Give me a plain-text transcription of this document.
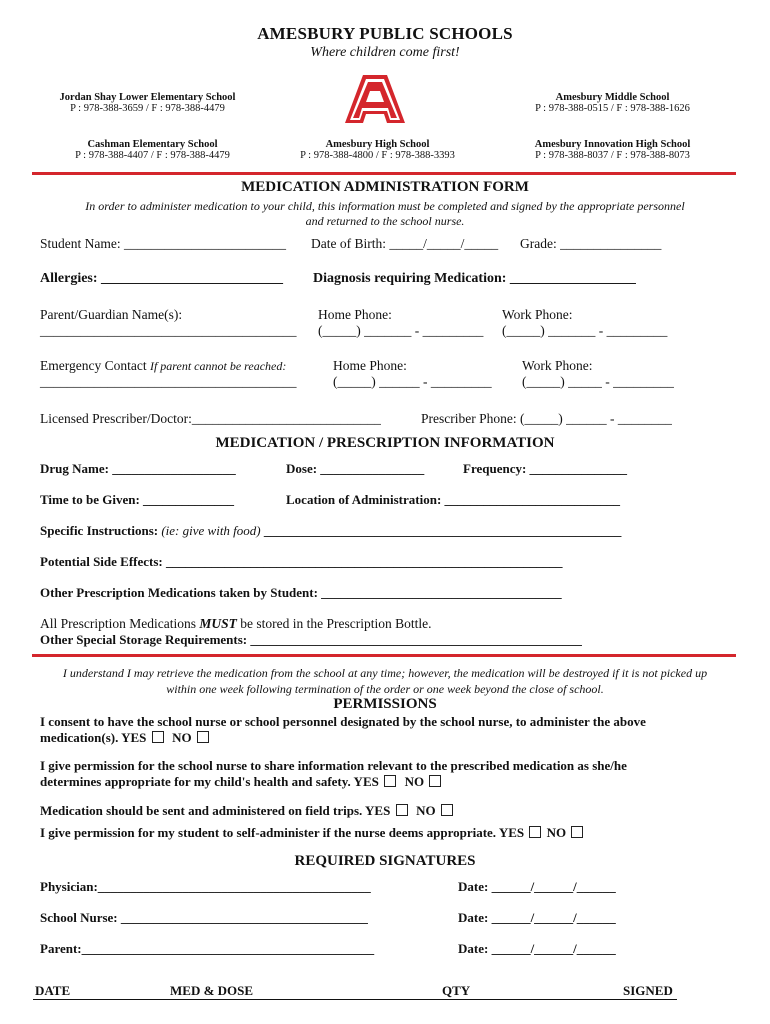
AMESBURY PUBLIC SCHOOLS
Where children come first!
Jordan Shay Lower Elementary School
P : 978-388-3659 / F : 978-388-4479
Amesbury Middle School
P : 978-388-0515 / F : 978-388-1626
A
Cashman Elementary School
P : 978-388-4407 / F : 978-388-4479
Amesbury High School
P : 978-388-4800 / F : 978-388-3393
Amesbury Innovation High School
P : 978-388-8037 / F : 978-388-8073
MEDICATION ADMINISTRATION FORM
In order to administer medication to your child, this information must be completed and signed by the appropriate personnel
and returned to the school nurse.
Student Name: ________________________ Date of Birth: _____/_____/_____ Grade: _______________
Allergies: __________________________ Diagnosis requiring Medication: __________________
Parent/Guardian Name(s):
______________________________________
Home Phone:
(_____) _______ - _________
Work Phone:
(_____) _______ - _________
Emergency Contact If parent cannot be reached:
______________________________________
Home Phone:
(_____) ______ - _________
Work Phone:
(_____) _____ - _________
Licensed Prescriber/Doctor:____________________________	Prescriber Phone: (_____) ______ - ________
MEDICATION / PRESCRIPTION INFORMATION
Drug Name: ___________________	Dose: ________________	Frequency: _______________
Time to be Given: ______________	Location of Administration: ___________________________
Specific Instructions: (ie: give with food) _______________________________________________________
Potential Side Effects: _____________________________________________________________
Other Prescription Medications taken by Student: _____________________________________
All Prescription Medications MUST be stored in the Prescription Bottle.
Other Special Storage Requirements: ___________________________________________________
I understand I may retrieve the medication from the school at any time; however, the medication will be destroyed if it is not picked up
within one week following termination of the order or one week beyond the close of school.
PERMISSIONS
I consent to have the school nurse or school personnel designated by the school nurse, to administer the above
medication(s). YES NO
I give permission for the school nurse to share information relevant to the prescribed medication as she/he
determines appropriate for my child's health and safety. YES NO
Medication should be sent and administered on field trips. YES NO
I give permission for my student to self-administer if the nurse deems appropriate. YES NO
REQUIRED SIGNATURES
Physician:__________________________________________	Date: ______/______/______
School Nurse: ______________________________________	Date: ______/______/______
Parent:_____________________________________________	Date: ______/______/______
DATE	MED & DOSE	QTY	SIGNED
